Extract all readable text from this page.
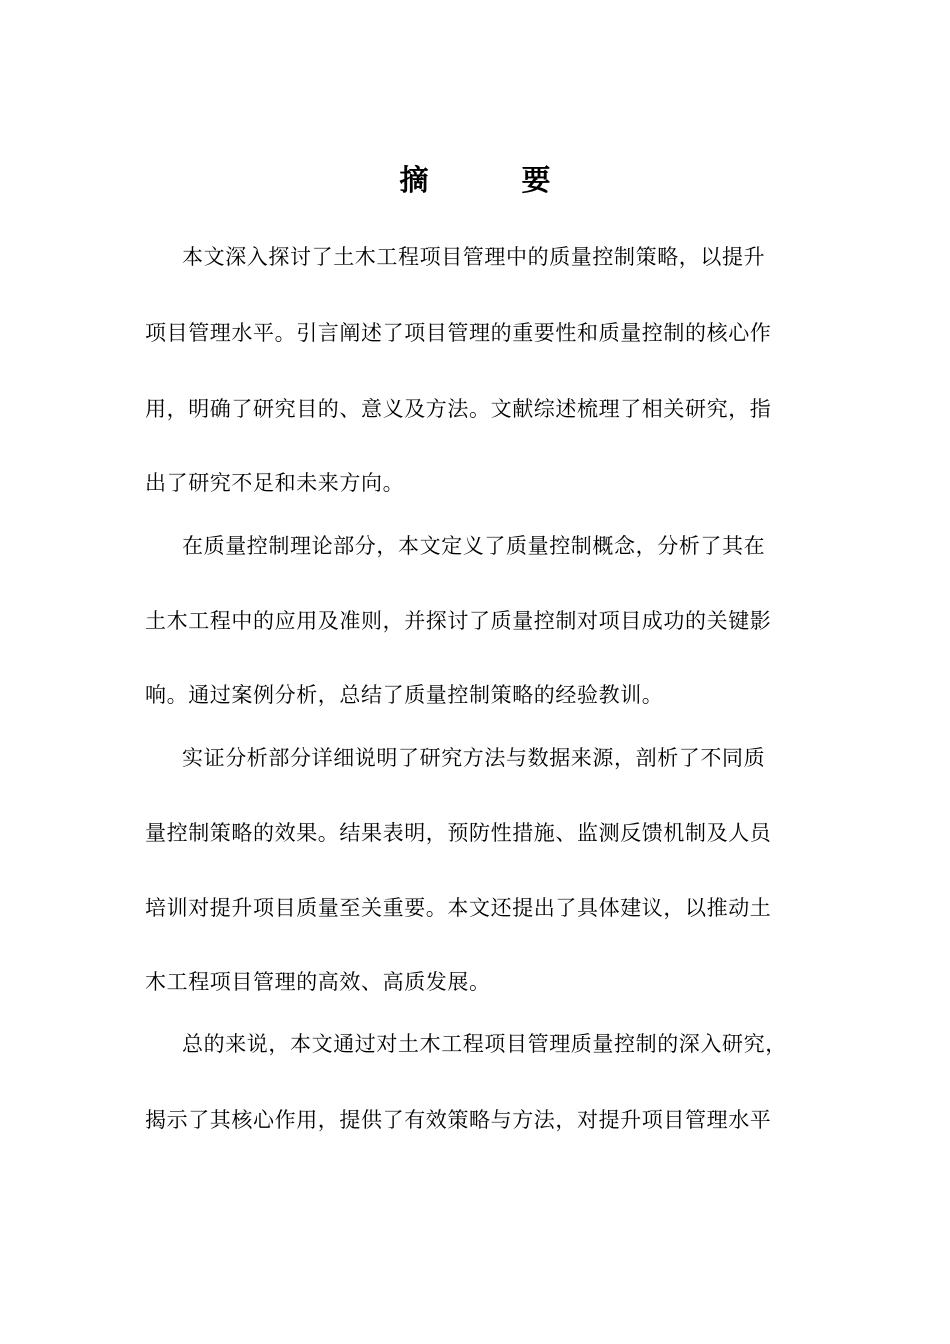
摘　要
本文深入探讨了土木工程项目管理中的质量控制策略，以提升
项目管理水平。引言阐述了项目管理的重要性和质量控制的核心作
用，明确了研究目的、意义及方法。文献综述梳理了相关研究，指
出了研究不足和未来方向。
在质量控制理论部分，本文定义了质量控制概念，分析了其在
土木工程中的应用及准则，并探讨了质量控制对项目成功的关键影
响。通过案例分析，总结了质量控制策略的经验教训。
实证分析部分详细说明了研究方法与数据来源，剖析了不同质
量控制策略的效果。结果表明，预防性措施、监测反馈机制及人员
培训对提升项目质量至关重要。本文还提出了具体建议，以推动土
木工程项目管理的高效、高质发展。
总的来说，本文通过对土木工程项目管理质量控制的深入研究，
揭示了其核心作用，提供了有效策略与方法，对提升项目管理水平
